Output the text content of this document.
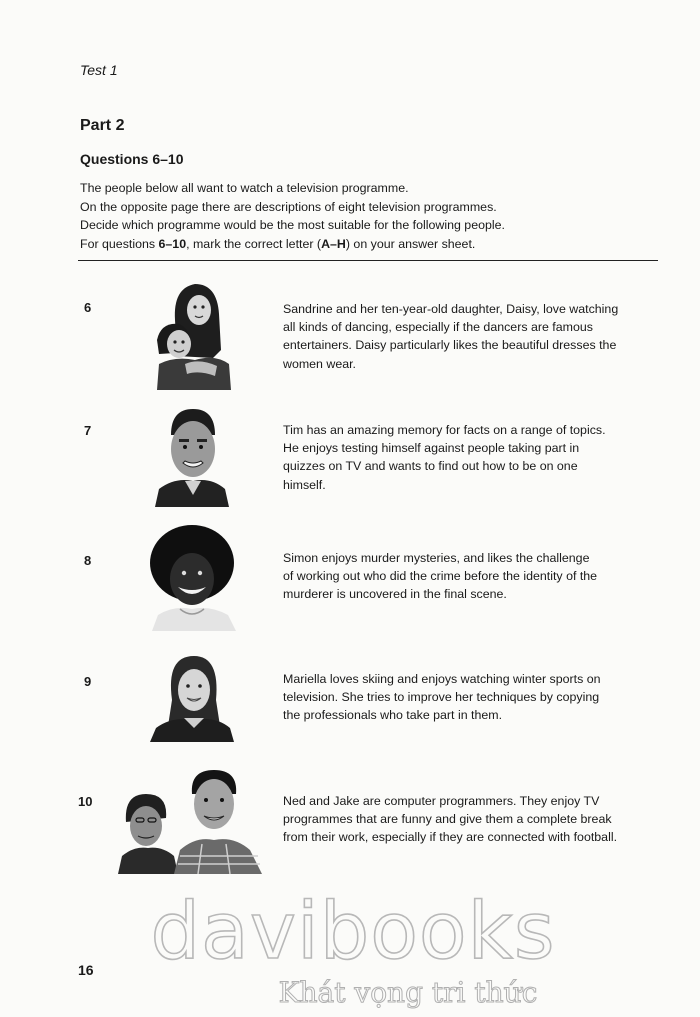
Test 1
Part 2
Questions 6–10

The people below all want to watch a television programme.

On the opposite page there are descriptions of eight television programmes.

Decide which programme would be the most suitable for the following people.

For questions 6–10, mark the correct letter (A–H) on your answer sheet.

6	Sandrine and her ten-year-old daughter, Daisy, love watching
all kinds of dancing, especially if the dancers are famous
entertainers. Daisy particularly likes the beautiful dresses the
women wear.

7	Tim has an amazing memory for facts on a range of topics.
He enjoys testing himself against people taking part in
quizzes on TV and wants to find out how to be on one
himself.

8	Simon enjoys murder mysteries, and likes the challenge
of working out who did the crime before the identity of the
murderer is uncovered in the final scene.

9	Mariella loves skiing and enjoys watching winter sports on
television. She tries to improve her techniques by copying
the professionals who take part in them.

10	Ned and Jake are computer programmers. They enjoy TV
programmes that are funny and give them a complete break
from their work, especially if they are connected with football.

16 davibooks
Khát vọng tri thức
